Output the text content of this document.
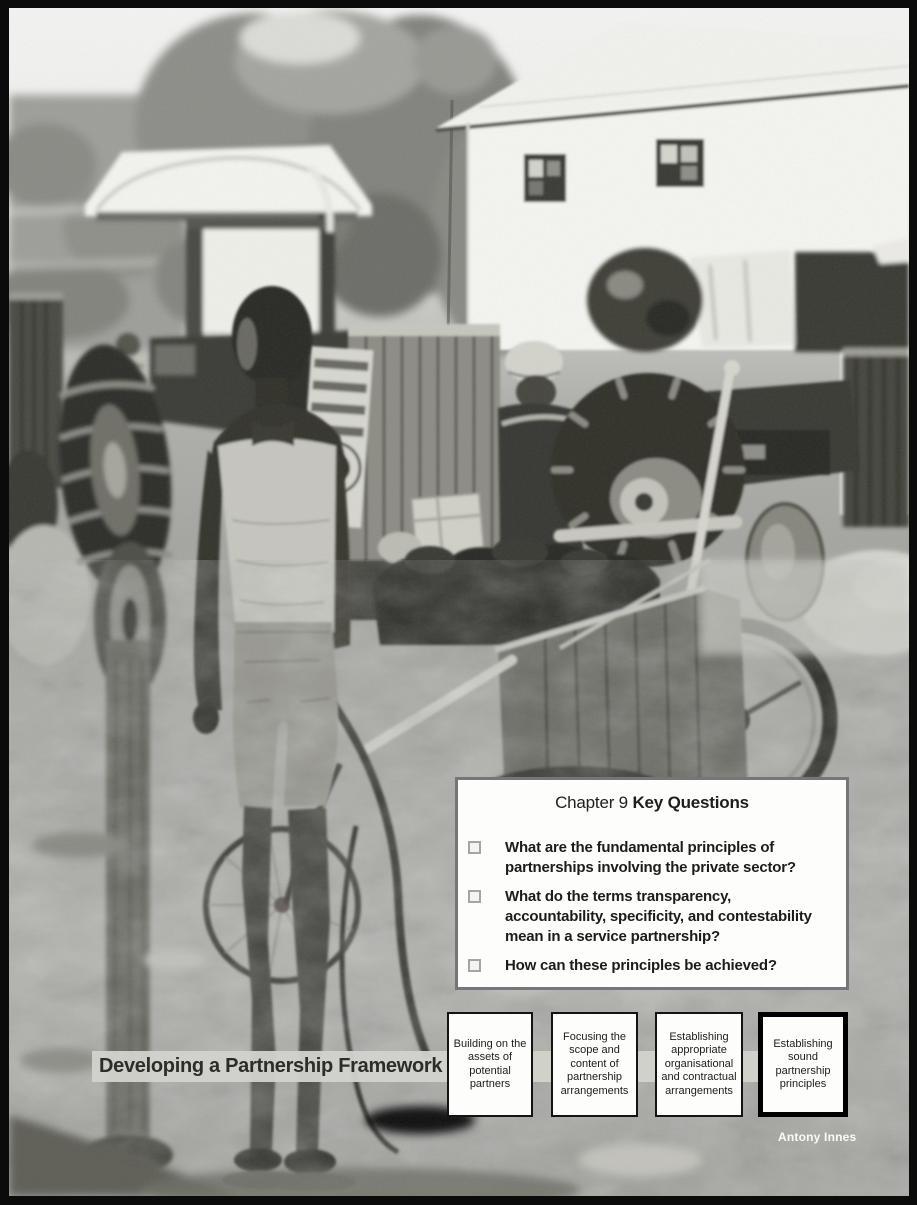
Chapter 9 Key Questions
What are the fundamental principles of
partnerships involving the private sector?
What do the terms transparency,
accountability, specificity, and contestability
mean in a service partnership?
How can these principles be achieved?
Developing a Partnership Framework
Building on the assets of potential partners
Focusing the scope and content of partnership arrangements
Establishing appropriate organisational and contractual arrangements
Establishing sound partnership principles
Antony Innes
